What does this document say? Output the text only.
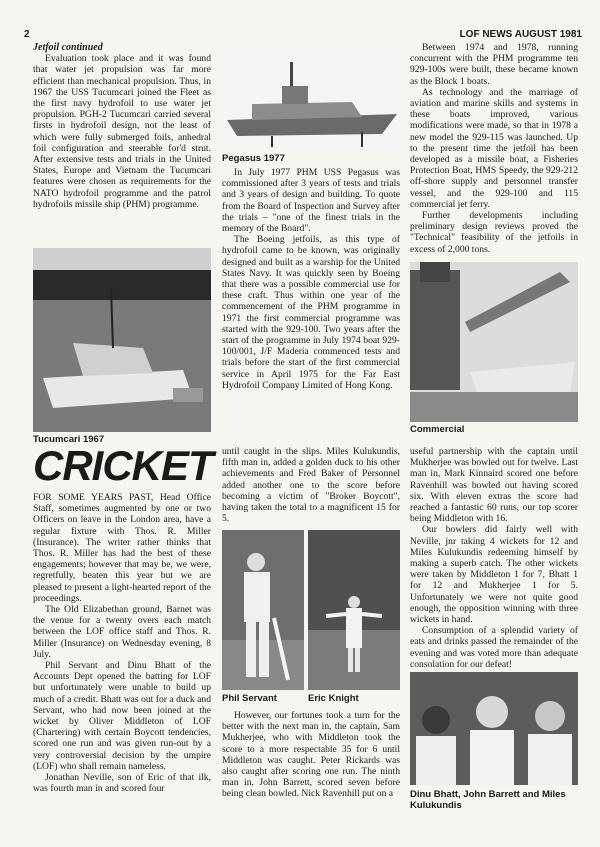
2	LOF NEWS AUGUST 1981

Jetfoil continued

Evaluation took place and it was found that water jet propulsion was far more efficient than mechanical propulsion. Thus, in 1967 the USS Tucumcari joined the Fleet as the first navy hydrofoil to use water jet propulsion. PGH-2 Tucumcari carried several firsts in hydrofoil design, not the least of which were fully submerged foils, anhedral foil configuration and steerable for'd strut. After extensive tests and trials in the United States, Europe and Vietnam the Tucumcari features were chosen as requirements for the NATO hydrofoil programme and the patrol hydrofoils missile ship (PHM) programme.

Tucumcari 1967
Pegasus 1977

In July 1977 PHM USS Pegasus was commissioned after 3 years of tests and trials and 3 years of design and building. To quote from the Board of Inspection and Survey after the trials – "one of the finest trials in the memory of the Board".

The Boeing jetfoils, as this type of hydrofoil came to be known, was originally designed and built as a warship for the United States Navy. It was quickly seen by Boeing that there was a possible commercial use for these craft. Thus within one year of the commencement of the PHM programme in 1971 the first commercial programme was started with the 929-100. Two years after the start of the programme in July 1974 boat 929-100/001, J/F Maderia commenced tests and trials before the start of the first commercial service in April 1975 for the Far East Hydrofoil Company Limited of Hong Kong.

Between 1974 and 1978, running concurrent with the PHM programme ten 929-100s were built, these became known as the Block 1 boats.

As technology and the marriage of aviation and marine skills and systems in these boats improved, various modifications were made, so that in 1978 a new model the 929-115 was launched. Up to the present time the jetfoil has been developed as a missile boat, a Fisheries Protection Boat, HMS Speedy, the 929-212 off-shore supply and personnel transfer vessel, and the 929-100 and 115 commercial jet ferry.

Further developments including preliminary design reviews proved the "Technical" feasibility of the jetfoils in excess of 2,000 tons.

Commercial
CRICKET

FOR SOME YEARS PAST, Head Office Staff, sometimes augmented by one or two Officers on leave in the London area, have a regular fixture with Thos. R. Miller (Insurance). The writer rather thinks that Thos. R. Miller has had the best of these engagements; however that may be, we were, regretfully, beaten this year but we are pleased to present a light-hearted report of the proceedings.

The Old Elizabethan ground, Barnet was the venue for a twenty overs each match between the LOF office staff and Thos. R. Miller (Insurance) on Wednesday evening, 8 July.

Phil Servant and Dinu Bhatt of the Accounts Dept opened the batting for LOF but unfortunately were unable to build up much of a credit. Bhatt was out for a duck and Servant, who had now been joined at the wicket by Oliver Middleton of LOF (Chartering) with certain Boycott tendencies, scored one run and was given run-out by a very controversial decision by the umpire (LOF) who shall remain nameless.

Jonathan Neville, son of Eric of that ilk, was fourth man in and scored four

until caught in the slips. Miles Kulukundis, fifth man in, added a golden duck to his other achievements and Fred Baker of Personnel added another one to the score before becoming a victim of "Broker Boycott", having taken the total to a magnificent 15 for 5.

Phil Servant	Eric Knight

However, our fortunes took a turn for the better with the next man in, the captain, Sam Mukherjee, who with Middleton took the score to a more respectable 35 for 6 until Middleton was caught. Peter Rickards was also caught after scoring one run. The ninth man in, John Barrett, scored seven before being clean bowled. Nick Ravenhill put on a

useful partnership with the captain until Mukherjee was bowled out for twelve. Last man in, Mark Kinnaird scored one before Ravenhill was bowled out having scored six. With eleven extras the score had reached a fantastic 60 runs, our top scorer being Middleton with 16.

Our bowlers did fairly well with Neville, jnr taking 4 wickets for 12 and Miles Kulukundis redeeming himself by making a superb catch. The other wickets were taken by Middleton 1 for 7, Bhatt 1 for 12 and Mukherjee 1 for 5. Unfortunately we were not quite good enough, the opposition winning with three wickets in hand.

Consumption of a splendid variety of eats and drinks passed the remainder of the evening and was voted more than adequate consolation for our defeat!

Dinu Bhatt, John Barrett and Miles Kulukundis
